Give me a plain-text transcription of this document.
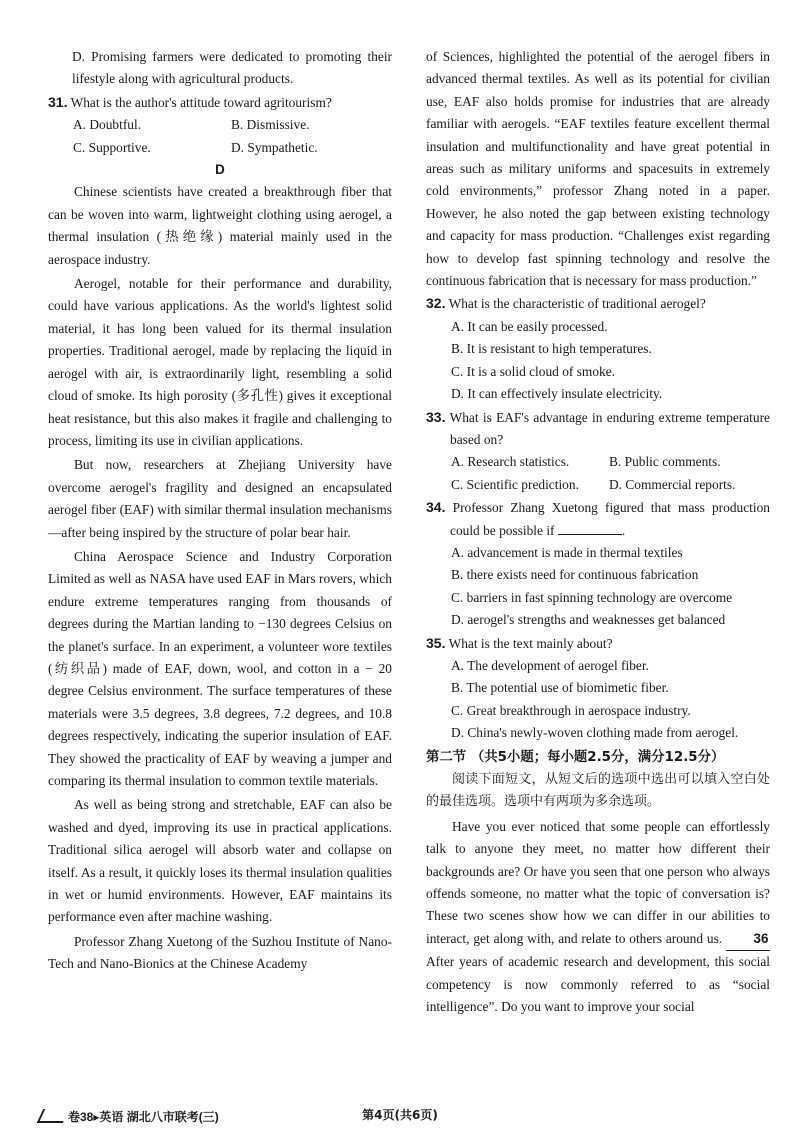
D. Promising farmers were dedicated to promoting their lifestyle along with agricultural products.

31. What is the author's attitude toward agritourism?

A. Doubtful.	B. Dismissive.
C. Supportive.	D. Sympathetic.

D

Chinese scientists have created a breakthrough fiber that can be woven into warm, lightweight clothing using aerogel, a thermal insulation (热绝缘) material mainly used in the aerospace industry.

Aerogel, notable for their performance and durability, could have various applications. As the world's lightest solid material, it has long been valued for its thermal insulation properties. Traditional aerogel, made by replacing the liquid in aerogel with air, is extraordinarily light, resembling a solid cloud of smoke. Its high porosity (多孔性) gives it exceptional heat resistance, but this also makes it fragile and challenging to process, limiting its use in civilian applications.

But now, researchers at Zhejiang University have overcome aerogel's fragility and designed an encapsulated aerogel fiber (EAF) with similar thermal insulation mechanisms—after being inspired by the structure of polar bear hair.

China Aerospace Science and Industry Corporation Limited as well as NASA have used EAF in Mars rovers, which endure extreme temperatures ranging from thousands of degrees during the Martian landing to −130 degrees Celsius on the planet's surface. In an experiment, a volunteer wore textiles (纺织品) made of EAF, down, wool, and cotton in a − 20 degree Celsius environment. The surface temperatures of these materials were 3.5 degrees, 3.8 degrees, 7.2 degrees, and 10.8 degrees respectively, indicating the superior insulation of EAF. They showed the practicality of EAF by weaving a jumper and comparing its thermal insulation to common textile materials.

As well as being strong and stretchable, EAF can also be washed and dyed, improving its use in practical applications. Traditional silica aerogel will absorb water and collapse on itself. As a result, it quickly loses its thermal insulation qualities in wet or humid environments. However, EAF maintains its performance even after machine washing.

Professor Zhang Xuetong of the Suzhou Institute of Nano-Tech and Nano-Bionics at the Chinese Academy

of Sciences, highlighted the potential of the aerogel fibers in advanced thermal textiles. As well as its potential for civilian use, EAF also holds promise for industries that are already familiar with aerogels. “EAF textiles feature excellent thermal insulation and multifunctionality and have great potential in areas such as military uniforms and spacesuits in extremely cold environments,” professor Zhang noted in a paper. However, he also noted the gap between existing technology and capacity for mass production. “Challenges exist regarding how to develop fast spinning technology and resolve the continuous fabrication that is necessary for mass production.”

32. What is the characteristic of traditional aerogel?

A. It can be easily processed.

B. It is resistant to high temperatures.

C. It is a solid cloud of smoke.

D. It can effectively insulate electricity.

33. What is EAF's advantage in enduring extreme temperature based on?

A. Research statistics.	B. Public comments.
C. Scientific prediction.	D. Commercial reports.

34. Professor Zhang Xuetong figured that mass production could be possible if	.

A. advancement is made in thermal textiles

B. there exists need for continuous fabrication

C. barriers in fast spinning technology are overcome

D. aerogel's strengths and weaknesses get balanced

35. What is the text mainly about?

A. The development of aerogel fiber.

B. The potential use of biomimetic fiber.

C. Great breakthrough in aerospace industry.

D. China's newly-woven clothing made from aerogel.

第二节 （共5小题；每小题2.5分，满分12.5分）

阅读下面短文，从短文后的选项中选出可以填入空白处的最佳选项。选项中有两项为多余选项。

Have you ever noticed that some people can effortlessly talk to anyone they meet, no matter how different their backgrounds are? Or have you seen that one person who always offends someone, no matter what the topic of conversation is? These two scenes show how we can differ in our abilities to interact, get along with, and relate to others around us. 36 After years of academic research and development, this social competency is now commonly referred to as “social intelligence”. Do you want to improve your social

卷38▸英语 湖北八市联考(三)	第4页(共6页)
